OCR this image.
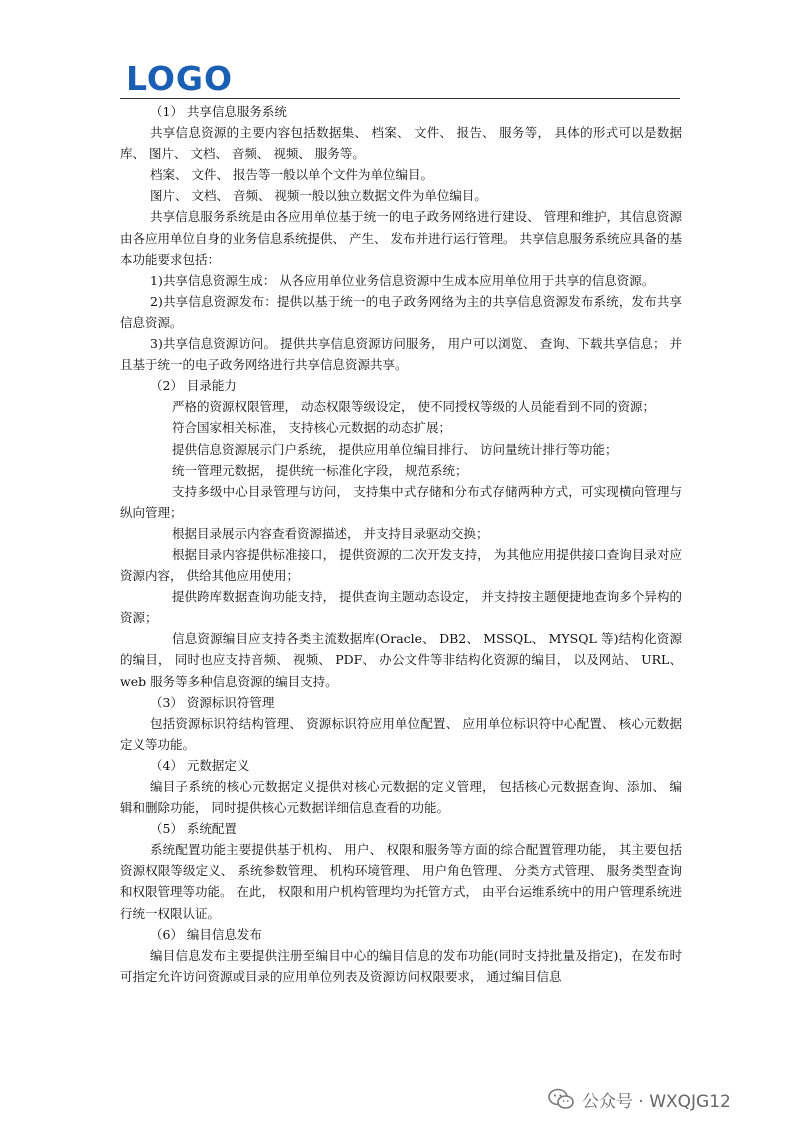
LOGO

（1） 共享信息服务系统

共享信息资源的主要内容包括数据集、 档案、 文件、 报告、 服务等， 具体的形式可以是数据库、 图片、 文档、 音频、 视频、 服务等。

档案、 文件、 报告等一般以单个文件为单位编目。

图片、 文档、 音频、 视频一般以独立数据文件为单位编目。

共享信息服务系统是由各应用单位基于统一的电子政务网络进行建设、 管理和维护，其信息资源由各应用单位自身的业务信息系统提供、 产生、 发布并进行运行管理。 共享信息服务系统应具备的基本功能要求包括：

1)共享信息资源生成： 从各应用单位业务信息资源中生成本应用单位用于共享的信息资源。

2)共享信息资源发布：提供以基于统一的电子政务网络为主的共享信息资源发布系统，发布共享信息资源。

3)共享信息资源访问。 提供共享信息资源访问服务， 用户可以浏览、 查询、下载共享信息； 并且基于统一的电子政务网络进行共享信息资源共享。

（2） 目录能力

严格的资源权限管理， 动态权限等级设定， 使不同授权等级的人员能看到不同的资源；

符合国家相关标准， 支持核心元数据的动态扩展；

提供信息资源展示门户系统， 提供应用单位编目排行、 访问量统计排行等功能；

统一管理元数据， 提供统一标准化字段， 规范系统；

支持多级中心目录管理与访问， 支持集中式存储和分布式存储两种方式，可实现横向管理与纵向管理；

根据目录展示内容查看资源描述， 并支持目录驱动交换；

根据目录内容提供标准接口， 提供资源的二次开发支持， 为其他应用提供接口查询目录对应资源内容， 供给其他应用使用；

提供跨库数据查询功能支持， 提供查询主题动态设定， 并支持按主题便捷地查询多个异构的资源；

信息资源编目应支持各类主流数据库(Oracle、 DB2、 MSSQL、 MYSQL 等)结构化资源的编目， 同时也应支持音频、 视频、 PDF、 办公文件等非结构化资源的编目， 以及网站、 URL、 web 服务等多种信息资源的编目支持。

（3） 资源标识符管理

包括资源标识符结构管理、 资源标识符应用单位配置、 应用单位标识符中心配置、 核心元数据定义等功能。

（4） 元数据定义

编目子系统的核心元数据定义提供对核心元数据的定义管理， 包括核心元数据查询、添加、 编辑和删除功能， 同时提供核心元数据详细信息查看的功能。

（5） 系统配置

系统配置功能主要提供基于机构、 用户、 权限和服务等方面的综合配置管理功能， 其主要包括资源权限等级定义、 系统参数管理、 机构环境管理、 用户角色管理、 分类方式管理、 服务类型查询和权限管理等功能。 在此， 权限和用户机构管理均为托管方式， 由平台运维系统中的用户管理系统进行统一权限认证。

（6） 编目信息发布

编目信息发布主要提供注册至编目中心的编目信息的发布功能(同时支持批量及指定)，在发布时可指定允许访问资源或目录的应用单位列表及资源访问权限要求， 通过编目信息

公众号 · WXQJG12
